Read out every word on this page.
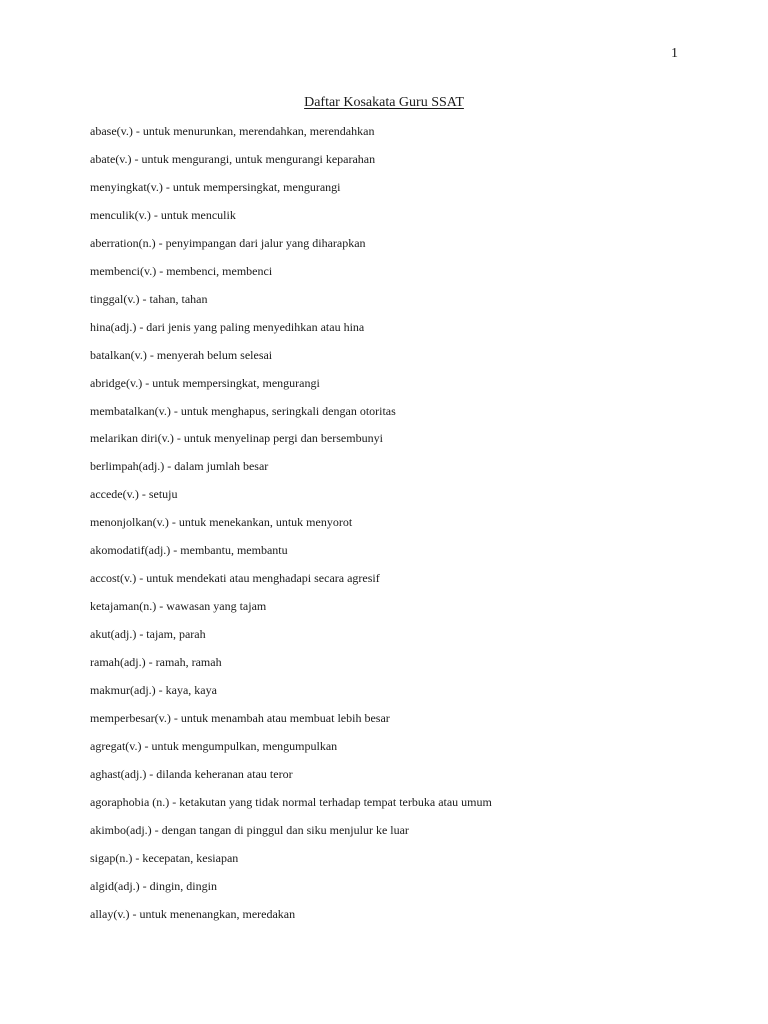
1
Daftar Kosakata Guru SSAT
abase(v.) - untuk menurunkan, merendahkan, merendahkan
abate(v.) - untuk mengurangi, untuk mengurangi keparahan
menyingkat(v.) - untuk mempersingkat, mengurangi
menculik(v.) - untuk menculik
aberration(n.) - penyimpangan dari jalur yang diharapkan
membenci(v.) - membenci, membenci
tinggal(v.) - tahan, tahan
hina(adj.) - dari jenis yang paling menyedihkan atau hina
batalkan(v.) - menyerah belum selesai
abridge(v.) - untuk mempersingkat, mengurangi
membatalkan(v.) - untuk menghapus, seringkali dengan otoritas
melarikan diri(v.) - untuk menyelinap pergi dan bersembunyi
berlimpah(adj.) - dalam jumlah besar
accede(v.) - setuju
menonjolkan(v.) - untuk menekankan, untuk menyorot
akomodatif(adj.) - membantu, membantu
accost(v.) - untuk mendekati atau menghadapi secara agresif
ketajaman(n.) - wawasan yang tajam
akut(adj.) - tajam, parah
ramah(adj.) - ramah, ramah
makmur(adj.) - kaya, kaya
memperbesar(v.) - untuk menambah atau membuat lebih besar
agregat(v.) - untuk mengumpulkan, mengumpulkan
aghast(adj.) - dilanda keheranan atau teror
agoraphobia (n.) - ketakutan yang tidak normal terhadap tempat terbuka atau umum
akimbo(adj.) - dengan tangan di pinggul dan siku menjulur ke luar
sigap(n.) - kecepatan, kesiapan
algid(adj.) - dingin, dingin
allay(v.) - untuk menenangkan, meredakan
